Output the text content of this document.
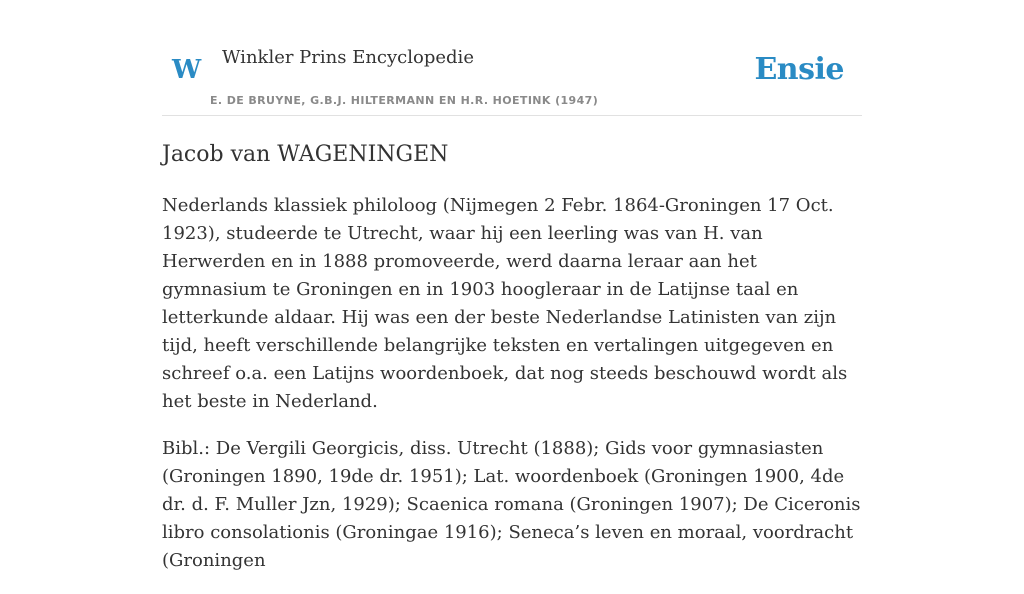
W Winkler Prins Encyclopedie
E. DE BRUYNE, G.B.J. HILTERMANN EN H.R. HOETINK (1947)
Ensie
Jacob van WAGENINGEN

Nederlands klassiek philoloog (Nijmegen 2 Febr. 1864-Groningen 17 Oct. 1923), studeerde te Utrecht, waar hij een leerling was van H. van Herwerden en in 1888 promoveerde, werd daarna leraar aan het gymnasium te Groningen en in 1903 hoogleraar in de Latijnse taal en letterkunde aldaar. Hij was een der beste Nederlandse Latinisten van zijn tijd, heeft verschillende belangrijke teksten en vertalingen uitgegeven en schreef o.a. een Latijns woordenboek, dat nog steeds beschouwd wordt als het beste in Nederland.

Bibl.: De Vergili Georgicis, diss. Utrecht (1888); Gids voor gymnasiasten (Groningen 1890, 19de dr. 1951); Lat. woordenboek (Groningen 1900, 4de dr. d. F. Muller Jzn, 1929); Scaenica romana (Groningen 1907); De Ciceronis libro consolationis (Groningae 1916); Seneca’s leven en moraal, voordracht (Groningen
